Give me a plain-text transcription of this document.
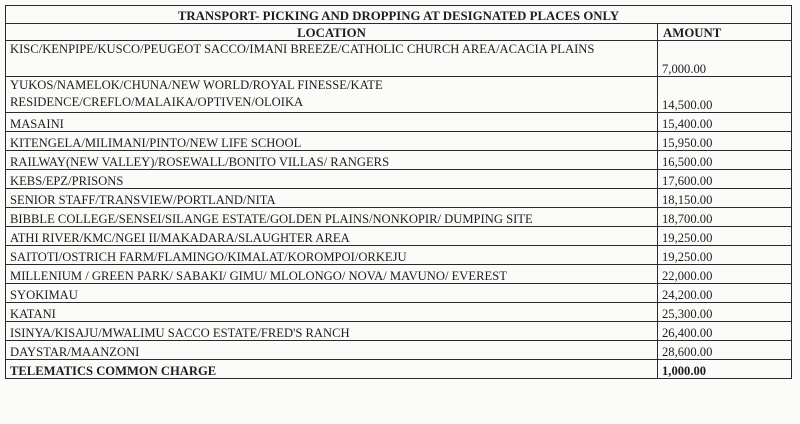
TRANSPORT- PICKING AND DROPPING AT DESIGNATED PLACES ONLY	
LOCATION	AMOUNT
KISC/KENPIPE/KUSCO/PEUGEOT SACCO/IMANI BREEZE/CATHOLIC CHURCH AREA/ACACIA PLAINS	7,000.00
YUKOS/NAMELOK/CHUNA/NEW WORLD/ROYAL FINESSE/KATE RESIDENCE/CREFLO/MALAIKA/OPTIVEN/OLOIKA	14,500.00
MASAINI	15,400.00
KITENGELA/MILIMANI/PINTO/NEW LIFE SCHOOL	15,950.00
RAILWAY(NEW VALLEY)/ROSEWALL/BONITO VILLAS/ RANGERS	16,500.00
KEBS/EPZ/PRISONS	17,600.00
SENIOR STAFF/TRANSVIEW/PORTLAND/NITA	18,150.00
BIBBLE COLLEGE/SENSEI/SILANGE ESTATE/GOLDEN PLAINS/NONKOPIR/ DUMPING SITE	18,700.00
ATHI RIVER/KMC/NGEI II/MAKADARA/SLAUGHTER AREA	19,250.00
SAITOTI/OSTRICH FARM/FLAMINGO/KIMALAT/KOROMPOI/ORKEJU	19,250.00
MILLENIUM / GREEN PARK/ SABAKI/ GIMU/ MLOLONGO/ NOVA/ MAVUNO/ EVEREST	22,000.00
SYOKIMAU	24,200.00
KATANI	25,300.00
ISINYA/KISAJU/MWALIMU SACCO ESTATE/FRED'S RANCH	26,400.00
DAYSTAR/MAANZONI	28,600.00
TELEMATICS COMMON CHARGE	1,000.00
